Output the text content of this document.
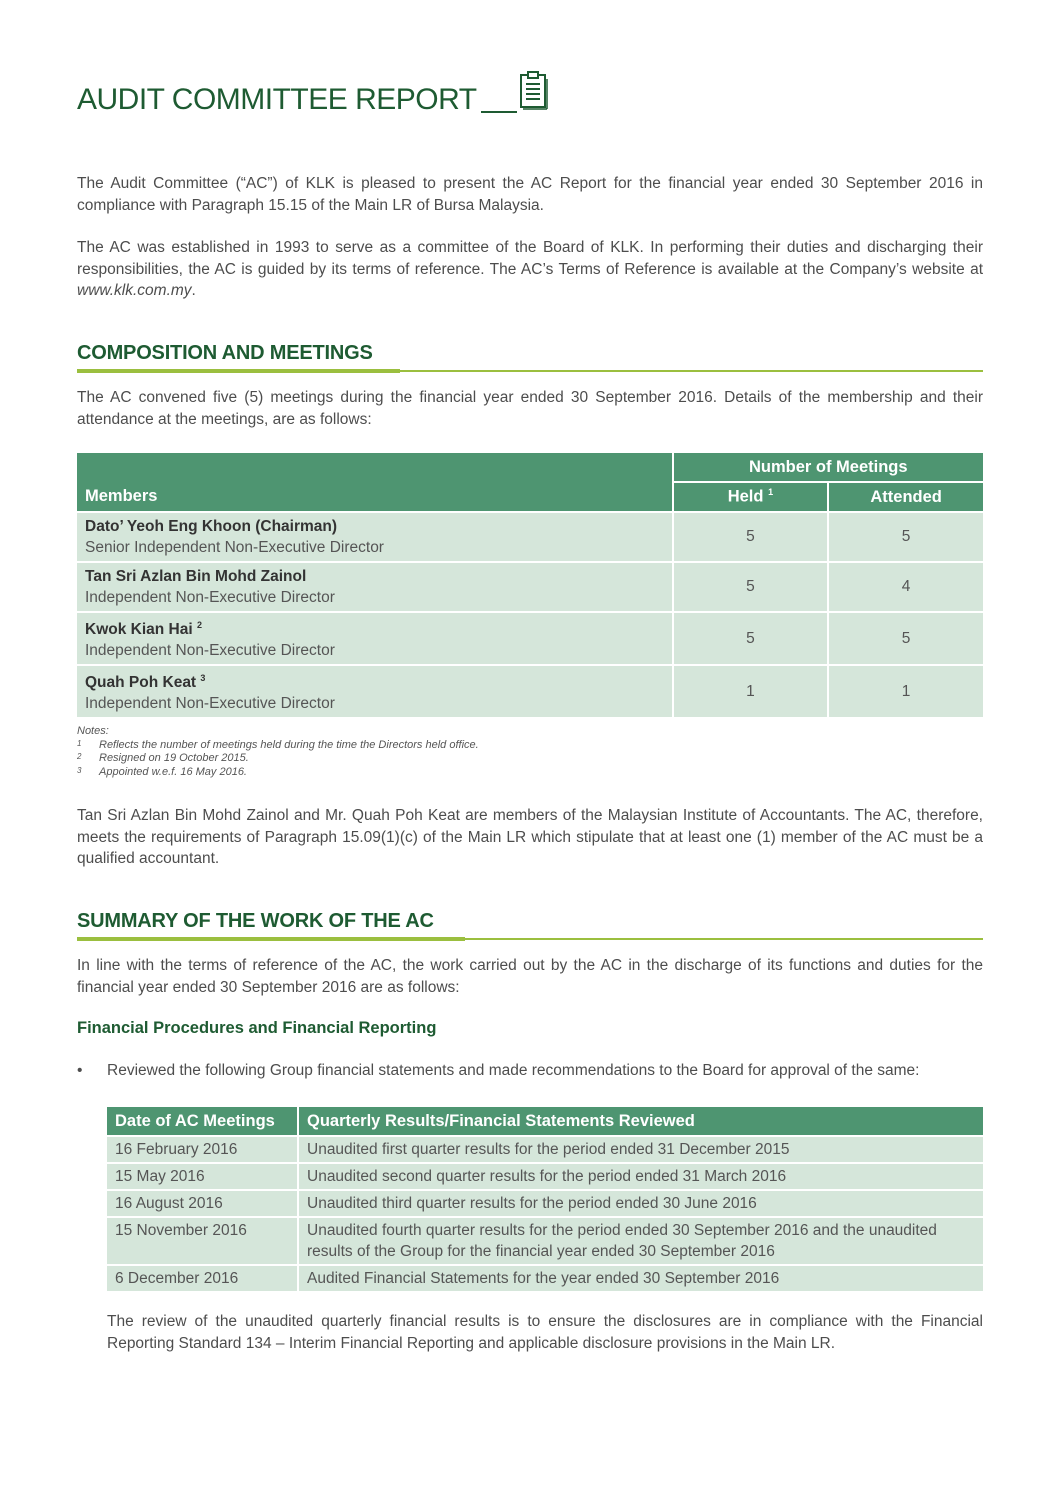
AUDIT COMMITTEE REPORT

The Audit Committee (“AC”) of KLK is pleased to present the AC Report for the financial year ended 30 September 2016 in compliance with Paragraph 15.15 of the Main LR of Bursa Malaysia.

The AC was established in 1993 to serve as a committee of the Board of KLK. In performing their duties and discharging their responsibilities, the AC is guided by its terms of reference. The AC’s Terms of Reference is available at the Company’s website at www.klk.com.my.

COMPOSITION AND MEETINGS

The AC convened five (5) meetings during the financial year ended 30 September 2016. Details of the membership and their attendance at the meetings, are as follows:

Members	Number of Meetings	
	Held $^1$	Attended

Dato’ Yeoh Eng Khoon (Chairman)
Senior Independent Non-Executive Director	5	5

Tan Sri Azlan Bin Mohd Zainol
Independent Non-Executive Director	5	4

Kwok Kian Hai $^2$
Independent Non-Executive Director	5	5

Quah Poh Keat $^3$
Independent Non-Executive Director	1	1
Notes:
1 Reflects the number of meetings held during the time the Directors held office.
2 Resigned on 19 October 2015.
3 Appointed w.e.f. 16 May 2016.

Tan Sri Azlan Bin Mohd Zainol and Mr. Quah Poh Keat are members of the Malaysian Institute of Accountants. The AC, therefore, meets the requirements of Paragraph 15.09(1)(c) of the Main LR which stipulate that at least one (1) member of the AC must be a qualified accountant.

SUMMARY OF THE WORK OF THE AC

In line with the terms of reference of the AC, the work carried out by the AC in the discharge of its functions and duties for the financial year ended 30 September 2016 are as follows:

Financial Procedures and Financial Reporting
• Reviewed the following Group financial statements and made recommendations to the Board for approval of the same:
Date of AC Meetings	Quarterly Results/Financial Statements Reviewed
16 February 2016	Unaudited first quarter results for the period ended 31 December 2015
15 May 2016	Unaudited second quarter results for the period ended 31 March 2016
16 August 2016	Unaudited third quarter results for the period ended 30 June 2016
15 November 2016	Unaudited fourth quarter results for the period ended 30 September 2016 and the unaudited results of the Group for the financial year ended 30 September 2016
6 December 2016	Audited Financial Statements for the year ended 30 September 2016

The review of the unaudited quarterly financial results is to ensure the disclosures are in compliance with the Financial Reporting Standard 134 – Interim Financial Reporting and applicable disclosure provisions in the Main LR.
